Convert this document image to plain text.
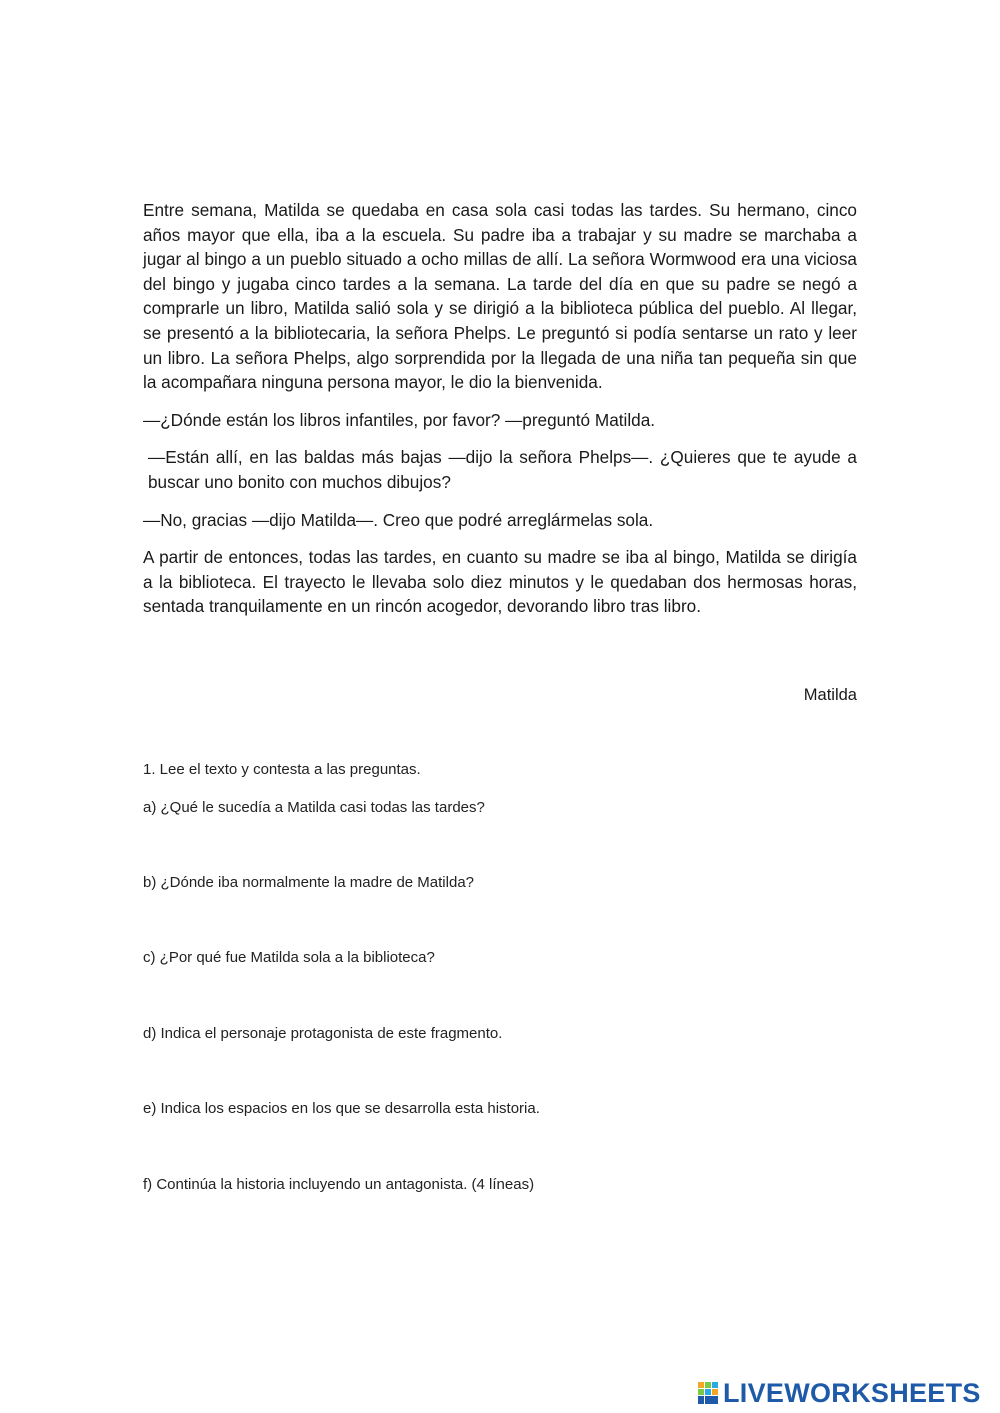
Entre semana, Matilda se quedaba en casa sola casi todas las tardes. Su hermano, cinco años mayor que ella, iba a la escuela. Su padre iba a trabajar y su madre se marchaba a jugar al bingo a un pueblo situado a ocho millas de allí. La señora Wormwood era una viciosa del bingo y jugaba cinco tardes a la semana. La tarde del día en que su padre se negó a comprarle un libro, Matilda salió sola y se dirigió a la biblioteca pública del pueblo. Al llegar, se presentó a la bibliotecaria, la señora Phelps. Le preguntó si podía sentarse un rato y leer un libro. La señora Phelps, algo sorprendida por la llegada de una niña tan pequeña sin que la acompañara ninguna persona mayor, le dio la bienvenida.

—¿Dónde están los libros infantiles, por favor? —preguntó Matilda.

—Están allí, en las baldas más bajas —dijo la señora Phelps—. ¿Quieres que te ayude a buscar uno bonito con muchos dibujos?

—No, gracias —dijo Matilda—. Creo que podré arreglármelas sola.

A partir de entonces, todas las tardes, en cuanto su madre se iba al bingo, Matilda se dirigía a la biblioteca. El trayecto le llevaba solo diez minutos y le quedaban dos hermosas horas, sentada tranquilamente en un rincón acogedor, devorando libro tras libro.

Matilda
1. Lee el texto y contesta a las preguntas.
a) ¿Qué le sucedía a Matilda casi todas las tardes?
b) ¿Dónde iba normalmente la madre de Matilda?
c) ¿Por qué fue Matilda sola a la biblioteca?
d) Indica el personaje protagonista de este fragmento.
e) Indica los espacios en los que se desarrolla esta historia.
f) Continúa la historia incluyendo un antagonista. (4 líneas)
LIVEWORKSHEETS
